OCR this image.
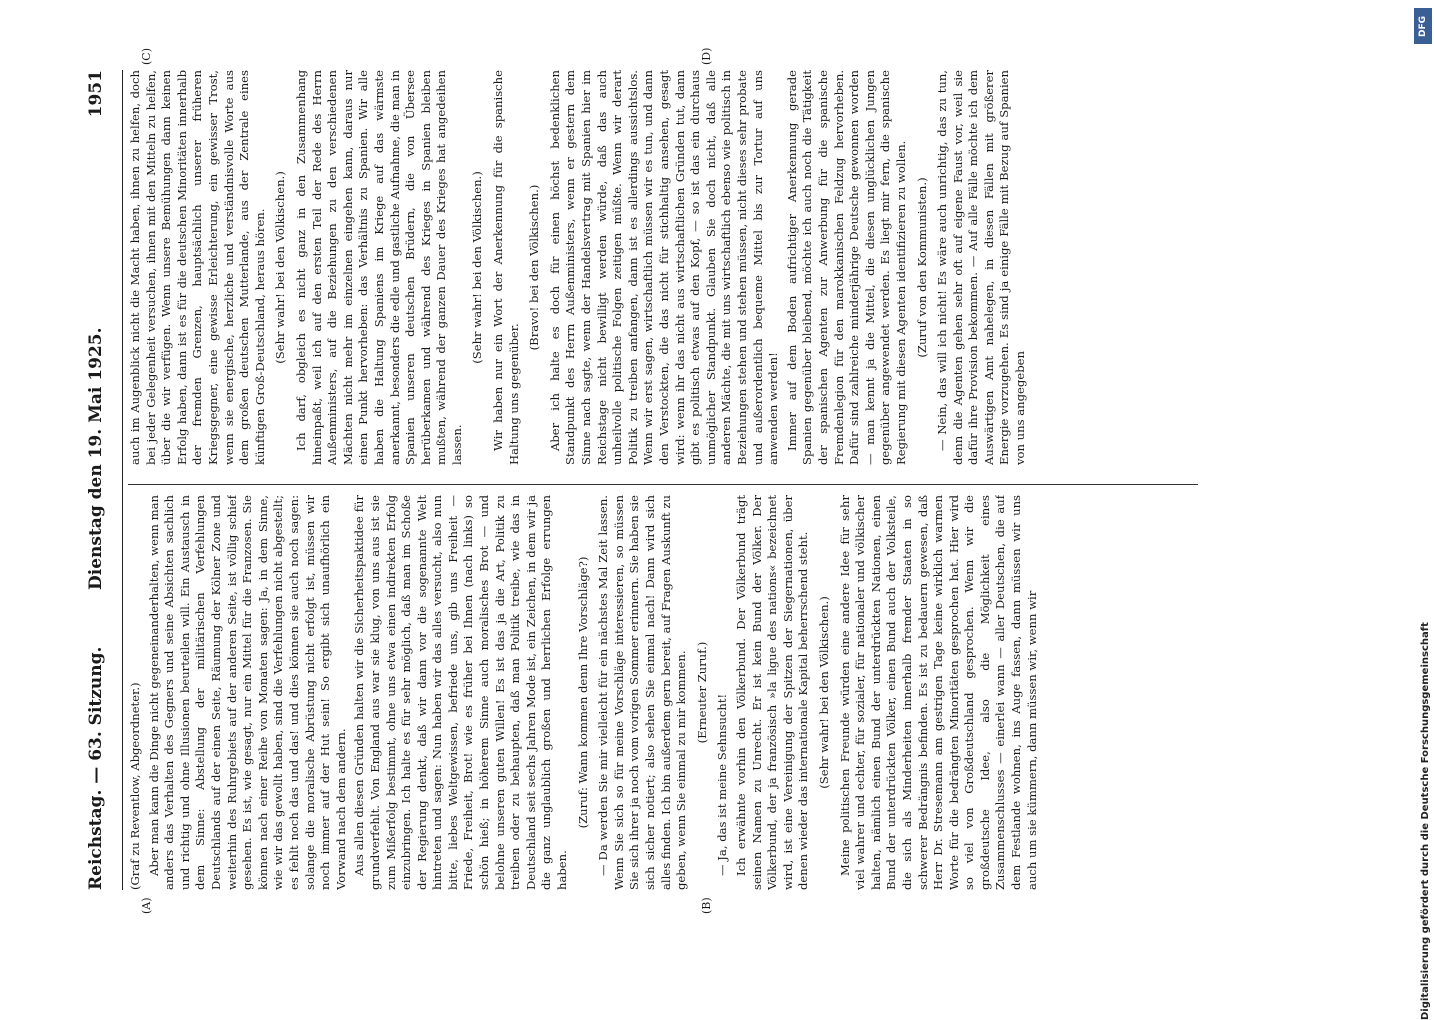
Reichstag. — 63. Sitzung.
Dienstag den 19. Mai 1925.
1951
(A)	(B)
(C)	(D)

(Graf zu Reventlow, Abgeordneter.) Aber man kann die Dinge nicht gegeneinanderhalten, wenn man anders das Verhalten des Gegners und seine Absichten sachlich und richtig und ohne Illusionen beurteilen will. Ein Austausch in dem Sinne: Abstellung der militärischen Verfehlungen Deutschlands auf der einen Seite, Räumung der Kölner Zone und weiterhin des Ruhrgebiets auf der anderen Seite, ist völlig schief gesehen. Es ist, wie gesagt, nur ein Mittel für die Franzosen. Sie können nach einer Reihe von Monaten sagen: Ja, in dem Sinne, wie wir das gewollt haben, sind die Verfehlungen nicht abgestellt; es fehlt noch das und das! und dies können sie auch noch sagen: solange die moralische Abrüstung nicht erfolgt ist, müssen wir noch immer auf der Hut sein! So ergibt sich unaufhörlich ein Vorwand nach dem andern. Aus allen diesen Gründen halten wir die Sicherheitspaktidee für grundverfehlt. Von England aus war sie klug, von uns aus ist sie zum Mißerfolg bestimmt, ohne uns etwa einen indirekten Erfolg einzubringen. Ich halte es für sehr möglich, daß man im Schoße der Regierung denkt, daß wir dann vor die sogenannte Welt hintreten und sagen: Nun haben wir das alles versucht, also nun bitte, liebes Weltgewissen, befriede uns, gib uns Freiheit — Friede, Freiheit, Brot! wie es früher bei Ihnen (nach links) so schön hieß; in höherem Sinne auch moralisches Brot — und belohne unseren guten Willen! Es ist das ja die Art, Politik zu treiben oder zu behaupten, daß man Politik treibe, wie das in Deutschland seit sechs Jahren Mode ist, ein Zeichen, in dem wir ja die ganz unglaublich großen und herrlichen Erfolge errungen haben.

(Zuruf: Wann kommen denn Ihre Vorschläge?) — Da werden Sie mir vielleicht für ein nächstes Mal Zeit lassen. Wenn Sie sich so für meine Vorschläge interessieren, so müssen Sie sich ihrer ja noch vom vorigen Sommer erinnern. Sie haben sie sich sicher notiert; also sehen Sie einmal nach! Dann wird sich alles finden. Ich bin außerdem gern bereit, auf Fragen Auskunft zu geben, wenn Sie einmal zu mir kommen. (Erneuter Zuruf.)

— Ja, das ist meine Sehnsucht! Ich erwähnte vorhin den Völkerbund. Der Völkerbund trägt seinen Namen zu Unrecht. Er ist kein Bund der Völker. Der Völkerbund, der ja französisch »la ligue des nations« bezeichnet wird, ist eine Vereinigung der Spitzen der Siegernationen, über denen wieder das internationale Kapital beherrschend steht. (Sehr wahr! bei den Völkischen.) Meine politischen Freunde würden eine andere Idee für sehr viel wahrer und echter, für sozialer, für nationaler und völkischer halten, nämlich einen Bund der unterdrückten Nationen, einen Bund der unterdrückten Völker, einen Bund auch der Volksteile, die sich als Minderheiten innerhalb fremder Staaten in so schwerer Bedrängnis befinden. Es ist zu bedauern gewesen, daß Herr Dr. Stresemann am gestrigen Tage keine wirklich warmen Worte für die bedrängten Minoritäten gesprochen hat. Hier wird so viel von Großdeutschland gesprochen. Wenn wir die großdeutsche Idee, also die Möglichkeit eines Zusammenschlusses — einerlei wann — aller Deutschen, die auf dem Festlande wohnen, ins Auge fassen, dann müssen wir uns auch um sie kümmern, dann müssen wir, wenn wir

auch im Augenblick nicht die Macht haben, ihnen zu helfen, doch bei jeder Gelegenheit versuchen, ihnen mit den Mitteln zu helfen, über die wir verfügen. Wenn unsere Bemühungen dann keinen Erfolg haben, dann ist es für die deutschen Minoritäten innerhalb der fremden Grenzen, hauptsächlich unserer früheren Kriegsgegner, eine gewisse Erleichterung, ein gewisser Trost, wenn sie energische, herzliche und verständnisvolle Worte aus dem großen deutschen Mutterlande, aus der Zentrale eines künftigen Groß-Deutschland, heraus hören. (Sehr wahr! bei den Völkischen.) Ich darf, obgleich es nicht ganz in den Zusammenhang hineinpaßt, weil ich auf den ersten Teil der Rede des Herrn Außenministers, auf die Beziehungen zu den verschiedenen Mächten nicht mehr im einzelnen eingehen kann, daraus nur einen Punkt hervorheben: das Verhältnis zu Spanien. Wir alle haben die Haltung Spaniens im Kriege auf das wärmste anerkannt, besonders die edle und gastliche Aufnahme, die man in Spanien unseren deutschen Brüdern, die von Übersee herüberkamen und während des Krieges in Spanien bleiben mußten, während der ganzen Dauer des Krieges hat angedeihen lassen.

(Sehr wahr! bei den Völkischen.) Wir haben nur ein Wort der Anerkennung für die spanische Haltung uns gegenüber.

(Bravo! bei den Völkischen.) Aber ich halte es doch für einen höchst bedenklichen Standpunkt des Herrn Außenministers, wenn er gestern dem Sinne nach sagte, wenn der Handelsvertrag mit Spanien hier im Reichstage nicht bewilligt werden würde, daß das auch unheilvolle politische Folgen zeitigen müßte. Wenn wir derart Politik zu treiben anfangen, dann ist es allerdings aussichtslos. Wenn wir erst sagen, wirtschaftlich müssen wir es tun, und dann den Verstockten, die das nicht für stichhaltig ansehen, gesagt wird: wenn ihr das nicht aus wirtschaftlichen Gründen tut, dann gibt es politisch etwas auf den Kopf, — so ist das ein durchaus unmöglicher Standpunkt. Glauben Sie doch nicht, daß alle anderen Mächte, die mit uns wirtschaftlich ebenso wie politisch in Beziehungen stehen und stehen müssen, nicht dieses sehr probate und außerordentlich bequeme Mittel bis zur Tortur auf uns anwenden werden! Immer auf dem Boden aufrichtiger Anerkennung gerade Spanien gegenüber bleibend, möchte ich auch noch die Tätigkeit der spanischen Agenten zur Anwerbung für die spanische Fremdenlegion für den marokkanischen Feldzug hervorheben. Dafür sind zahlreiche minderjährige Deutsche gewonnen worden — man kennt ja die Mittel, die diesen unglücklichen Jungen gegenüber angewendet werden. Es liegt mir fern, die spanische Regierung mit diesen Agenten identifizieren zu wollen. (Zuruf von den Kommunisten.) — Nein, das will ich nicht! Es wäre auch unrichtig, das zu tun, denn die Agenten gehen sehr oft auf eigene Faust vor, weil sie dafür ihre Provision bekommen. — Auf alle Fälle möchte ich dem Auswärtigen Amt nahelegen, in diesen Fällen mit größerer Energie vorzugehen. Es sind ja einige Fälle mit Bezug auf Spanien von uns angegeben

DFG
Digitalisierung gefördert durch die Deutsche Forschungsgemeinschaft
